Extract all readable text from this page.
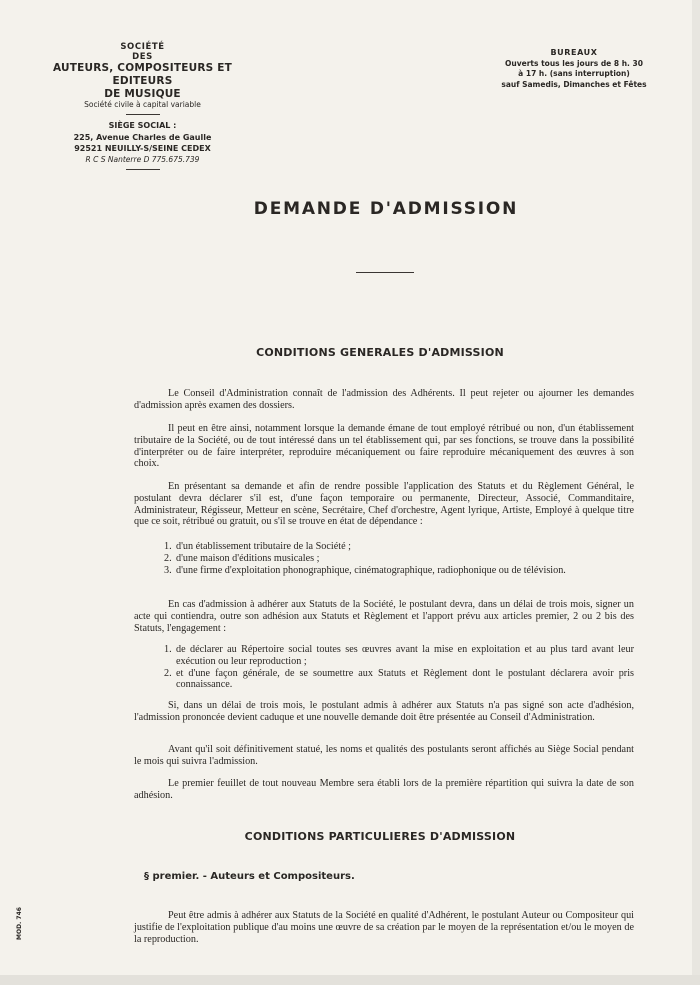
SOCIÉTÉ
DES
AUTEURS, COMPOSITEURS ET EDITEURS
DE MUSIQUE
Société civile à capital variable
SIÈGE SOCIAL :
225, Avenue Charles de Gaulle
92521 NEUILLY-S/SEINE CEDEX
R C S Nanterre D 775.675.739
BUREAUX
Ouverts tous les jours de 8 h. 30
à 17 h. (sans interruption)
sauf Samedis, Dimanches et Fêtes
DEMANDE D'ADMISSION
CONDITIONS GENERALES D'ADMISSION

Le Conseil d'Administration connaît de l'admission des Adhérents. Il peut rejeter ou ajourner les demandes d'admission après examen des dossiers.

Il peut en être ainsi, notamment lorsque la demande émane de tout employé rétribué ou non, d'un établissement tributaire de la Société, ou de tout intéressé dans un tel établissement qui, par ses fonctions, se trouve dans la possibilité d'interpréter ou de faire interpréter, reproduire mécaniquement ou faire reproduire mécaniquement des œuvres à son choix.

En présentant sa demande et afin de rendre possible l'application des Statuts et du Règlement Général, le postulant devra déclarer s'il est, d'une façon temporaire ou permanente, Directeur, Associé, Commanditaire, Administrateur, Régisseur, Metteur en scène, Secrétaire, Chef d'orchestre, Agent lyrique, Artiste, Employé à quelque titre que ce soit, rétribué ou gratuit, ou s'il se trouve en état de dépendance :

1. d'un établissement tributaire de la Société ;
2. d'une maison d'éditions musicales ;
3. d'une firme d'exploitation phonographique, cinématographique, radiophonique ou de télévision.

En cas d'admission à adhérer aux Statuts de la Société, le postulant devra, dans un délai de trois mois, signer un acte qui contiendra, outre son adhésion aux Statuts et Règlement et l'apport prévu aux articles premier, 2 ou 2 bis des Statuts, l'engagement :

1. de déclarer au Répertoire social toutes ses œuvres avant la mise en exploitation et au plus tard avant leur exécution ou leur reproduction ;
2. et d'une façon générale, de se soumettre aux Statuts et Règlement dont le postulant déclarera avoir pris connaissance.

Si, dans un délai de trois mois, le postulant admis à adhérer aux Statuts n'a pas signé son acte d'adhésion, l'admission prononcée devient caduque et une nouvelle demande doit être présentée au Conseil d'Administration.

Avant qu'il soit définitivement statué, les noms et qualités des postulants seront affichés au Siège Social pendant le mois qui suivra l'admission.

Le premier feuillet de tout nouveau Membre sera établi lors de la première répartition qui suivra la date de son adhésion.

CONDITIONS PARTICULIERES D'ADMISSION
§ premier. - Auteurs et Compositeurs.

Peut être admis à adhérer aux Statuts de la Société en qualité d'Adhérent, le postulant Auteur ou Compositeur qui justifie de l'exploitation publique d'au moins une œuvre de sa création par le moyen de la représentation et/ou le moyen de la reproduction.

MOD. 746
